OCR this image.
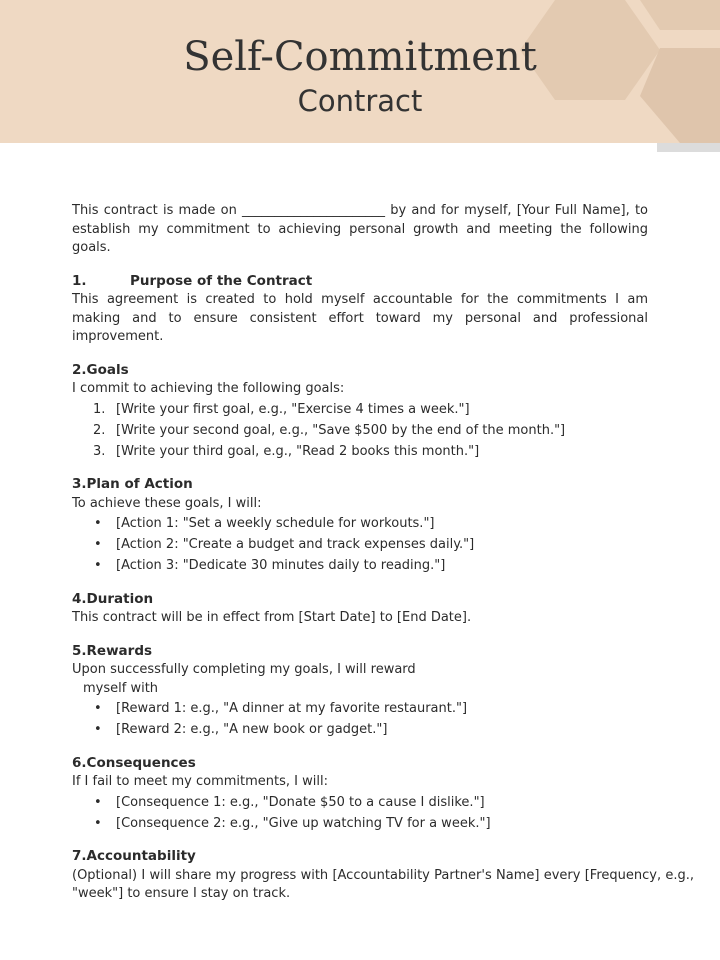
Self-Commitment
Contract

This contract is made on ______________________ by and for myself, [Your Full Name], to establish my commitment to achieving personal growth and meeting the following goals.

1.	Purpose of the Contract

This agreement is created to hold myself accountable for the commitments I am making and to ensure consistent effort toward my personal and professional improvement.

2.Goals

I commit to achieving the following goals:

1. [Write your first goal, e.g., "Exercise 4 times a week."]
2. [Write your second goal, e.g., "Save $500 by the end of the month."]
3. [Write your third goal, e.g., "Read 2 books this month."]
3.Plan of Action

To achieve these goals, I will:

• [Action 1: "Set a weekly schedule for workouts."]
• [Action 2: "Create a budget and track expenses daily."]
• [Action 3: "Dedicate 30 minutes daily to reading."]
4.Duration

This contract will be in effect from [Start Date] to [End Date].

5.Rewards

Upon successfully completing my goals, I will reward

myself with

• [Reward 1: e.g., "A dinner at my favorite restaurant."]
• [Reward 2: e.g., "A new book or gadget."]
6.Consequences

If I fail to meet my commitments, I will:

• [Consequence 1: e.g., "Donate $50 to a cause I dislike."]
• [Consequence 2: e.g., "Give up watching TV for a week."]
7.Accountability

(Optional) I will share my progress with [Accountability Partner's Name] every [Frequency, e.g., "week"] to ensure I stay on track.
